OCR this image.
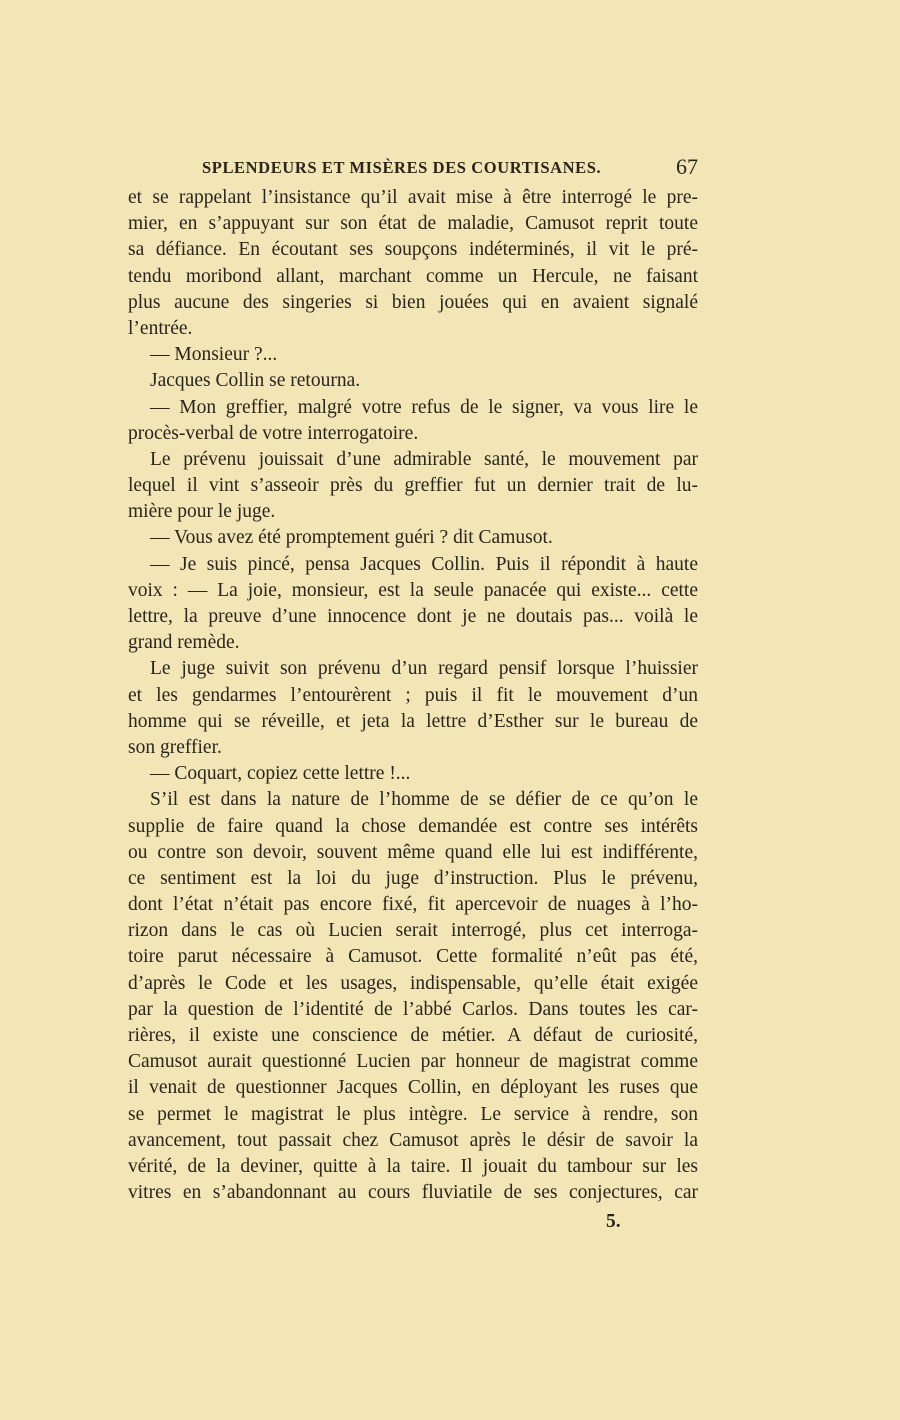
SPLENDEURS ET MISÈRES DES COURTISANES.	67
et se rappelant l’insistance qu’il avait mise à être interrogé le pre-
mier, en s’appuyant sur son état de maladie, Camusot reprit toute
sa défiance. En écoutant ses soupçons indéterminés, il vit le pré-
tendu moribond allant, marchant comme un Hercule, ne faisant
plus aucune des singeries si bien jouées qui en avaient signalé
l’entrée.
— Monsieur ?...
Jacques Collin se retourna.
— Mon greffier, malgré votre refus de le signer, va vous lire le
procès-verbal de votre interrogatoire.
Le prévenu jouissait d’une admirable santé, le mouvement par
lequel il vint s’asseoir près du greffier fut un dernier trait de lu-
mière pour le juge.
— Vous avez été promptement guéri ? dit Camusot.
— Je suis pincé, pensa Jacques Collin. Puis il répondit à haute
voix : — La joie, monsieur, est la seule panacée qui existe... cette
lettre, la preuve d’une innocence dont je ne doutais pas... voilà le
grand remède.
Le juge suivit son prévenu d’un regard pensif lorsque l’huissier
et les gendarmes l’entourèrent ; puis il fit le mouvement d’un
homme qui se réveille, et jeta la lettre d’Esther sur le bureau de
son greffier.
— Coquart, copiez cette lettre !...
S’il est dans la nature de l’homme de se défier de ce qu’on le
supplie de faire quand la chose demandée est contre ses intérêts
ou contre son devoir, souvent même quand elle lui est indifférente,
ce sentiment est la loi du juge d’instruction. Plus le prévenu,
dont l’état n’était pas encore fixé, fit apercevoir de nuages à l’ho-
rizon dans le cas où Lucien serait interrogé, plus cet interroga-
toire parut nécessaire à Camusot. Cette formalité n’eût pas été,
d’après le Code et les usages, indispensable, qu’elle était exigée
par la question de l’identité de l’abbé Carlos. Dans toutes les car-
rières, il existe une conscience de métier. A défaut de curiosité,
Camusot aurait questionné Lucien par honneur de magistrat comme
il venait de questionner Jacques Collin, en déployant les ruses que
se permet le magistrat le plus intègre. Le service à rendre, son
avancement, tout passait chez Camusot après le désir de savoir la
vérité, de la deviner, quitte à la taire. Il jouait du tambour sur les
vitres en s’abandonnant au cours fluviatile de ses conjectures, car
5.
